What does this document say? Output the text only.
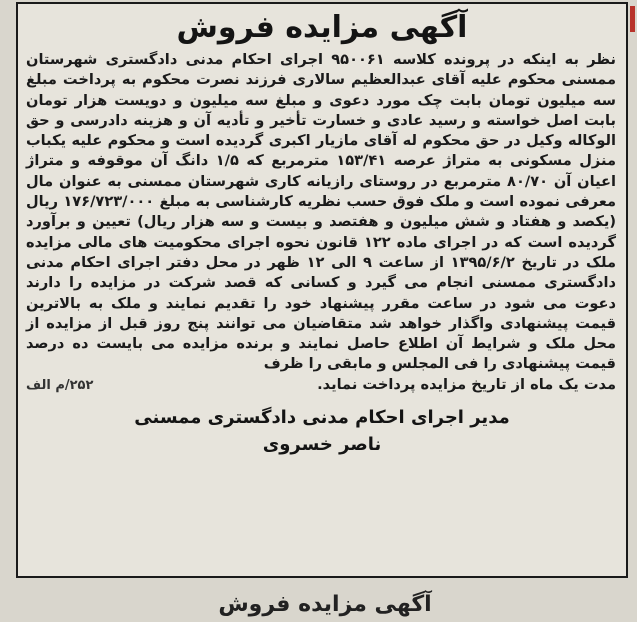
آگهی مزایده فروش
نظر به اینکه در پرونده کلاسه ۹۵۰۰۶۱ اجرای احکام مدنی دادگستری شهرستان ممسنی محکوم علیه آقای عبدالعظیم سالاری فرزند نصرت محکوم به پرداخت مبلغ سه میلیون تومان بابت چک مورد دعوی و مبلغ سه میلیون و دویست هزار تومان بابت اصل خواسته و رسید عادی و خسارت تأخیر و تأدیه آن و هزینه دادرسی و حق الوکاله وکیل در حق محکوم له آقای مازیار اکبری گردیده است و محکوم علیه یکباب منزل مسکونی به متراژ عرصه ۱۵۳/۴۱ مترمربع که ۱/۵ دانگ آن موقوفه و متراژ اعیان آن ۸۰/۷۰ مترمربع در روستای رازیانه کاری شهرستان ممسنی به عنوان مال معرفی نموده است و ملک فوق حسب نظریه کارشناسی به مبلغ ۱۷۶/۷۲۳/۰۰۰ ریال (یکصد و هفتاد و شش میلیون و هفتصد و بیست و سه هزار ریال) تعیین و برآورد گردیده است که در اجرای ماده ۱۲۲ قانون نحوه اجرای محکومیت های مالی مزایده ملک در تاریخ ۱۳۹۵/۶/۲ از ساعت ۹ الی ۱۲ ظهر در محل دفتر اجرای احکام مدنی دادگستری ممسنی انجام می گیرد و کسانی که قصد شرکت در مزایده را دارند دعوت می شود در ساعت مقرر پیشنهاد خود را تقدیم نمایند و ملک به بالاترین قیمت پیشنهادی واگذار خواهد شد متقاضیان می توانند پنج روز قبل از مزایده از محل ملک و شرایط آن اطلاع حاصل نمایند و برنده مزایده می بایست ده درصد قیمت پیشنهادی را فی المجلس و مابقی را ظرف
مدت یک ماه از تاریخ مزایده پرداخت نماید.
۲۵۲/م الف
مدیر اجرای احکام مدنی دادگستری ممسنی
ناصر خسروی
آگهی مزایده فروش
